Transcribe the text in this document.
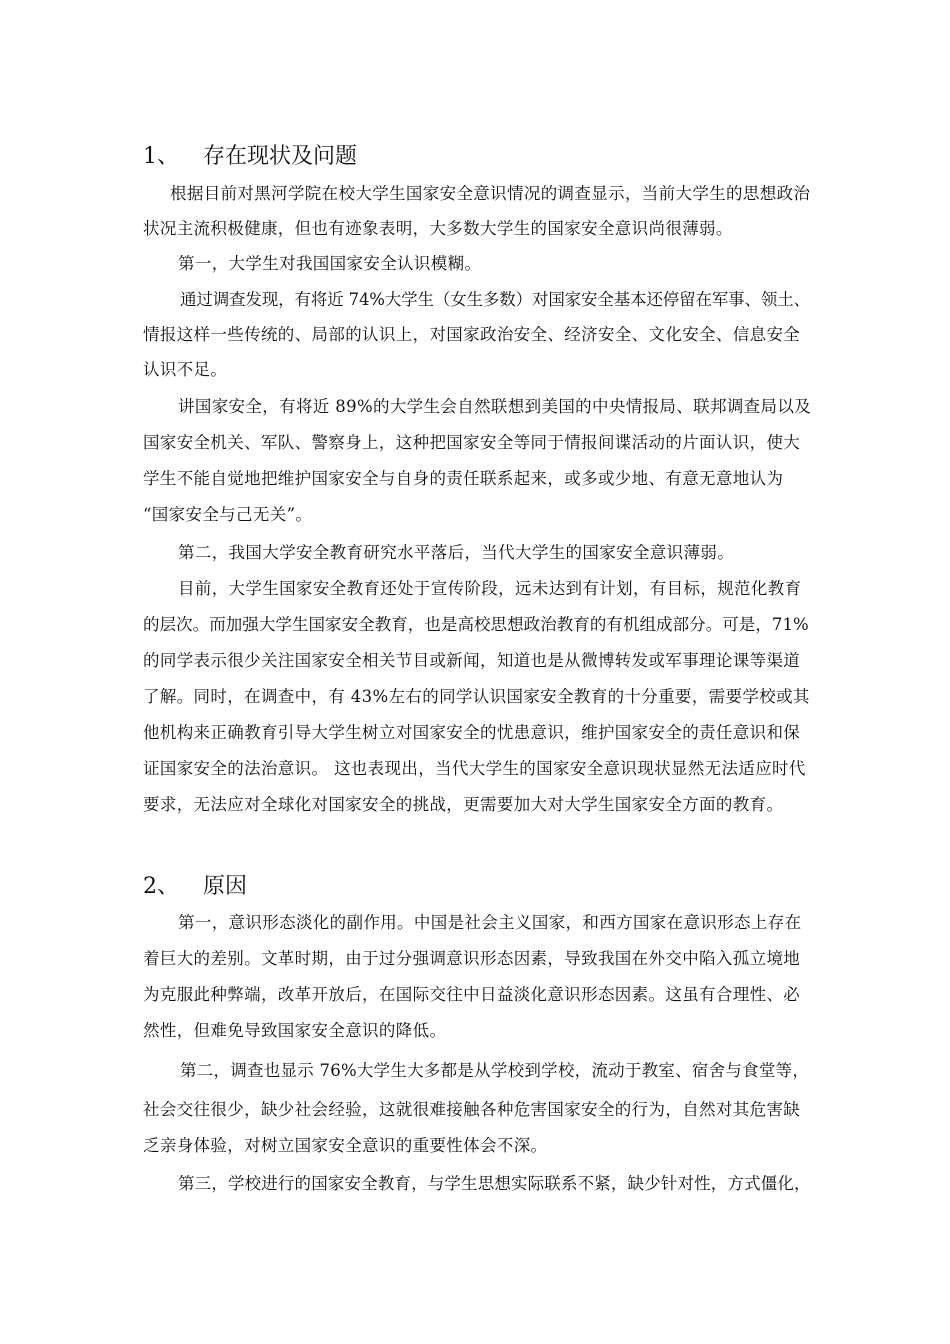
1、 存在现状及问题
根据目前对黑河学院在校大学生国家安全意识情况的调查显示，当前大学生的思想政治
状况主流积极健康，但也有迹象表明，大多数大学生的国家安全意识尚很薄弱。
第一，大学生对我国国家安全认识模糊。
通过调查发现，有将近 74%大学生（女生多数）对国家安全基本还停留在军事、领土、
情报这样一些传统的、局部的认识上，对国家政治安全、经济安全、文化安全、信息安全
认识不足。
讲国家安全，有将近 89%的大学生会自然联想到美国的中央情报局、联邦调查局以及
国家安全机关、军队、警察身上，这种把国家安全等同于情报间谍活动的片面认识，使大
学生不能自觉地把维护国家安全与自身的责任联系起来，或多或少地、有意无意地认为
“国家安全与己无关”。
第二，我国大学安全教育研究水平落后，当代大学生的国家安全意识薄弱。
目前，大学生国家安全教育还处于宣传阶段，远未达到有计划，有目标，规范化教育
的层次。而加强大学生国家安全教育，也是高校思想政治教育的有机组成部分。可是，71%
的同学表示很少关注国家安全相关节目或新闻，知道也是从微博转发或军事理论课等渠道
了解。同时，在调查中，有 43%左右的同学认识国家安全教育的十分重要，需要学校或其
他机构来正确教育引导大学生树立对国家安全的忧患意识，维护国家安全的责任意识和保
证国家安全的法治意识。 这也表现出，当代大学生的国家安全意识现状显然无法适应时代
要求，无法应对全球化对国家安全的挑战，更需要加大对大学生国家安全方面的教育。
2、 原因
第一，意识形态淡化的副作用。中国是社会主义国家，和西方国家在意识形态上存在
着巨大的差别。文革时期，由于过分强调意识形态因素，导致我国在外交中陷入孤立境地
为克服此种弊端，改革开放后，在国际交往中日益淡化意识形态因素。这虽有合理性、必
然性，但难免导致国家安全意识的降低。
第二，调查也显示 76%大学生大多都是从学校到学校，流动于教室、宿舍与食堂等，
社会交往很少，缺少社会经验，这就很难接触各种危害国家安全的行为，自然对其危害缺
乏亲身体验，对树立国家安全意识的重要性体会不深。
第三，学校进行的国家安全教育，与学生思想实际联系不紧，缺少针对性，方式僵化，
